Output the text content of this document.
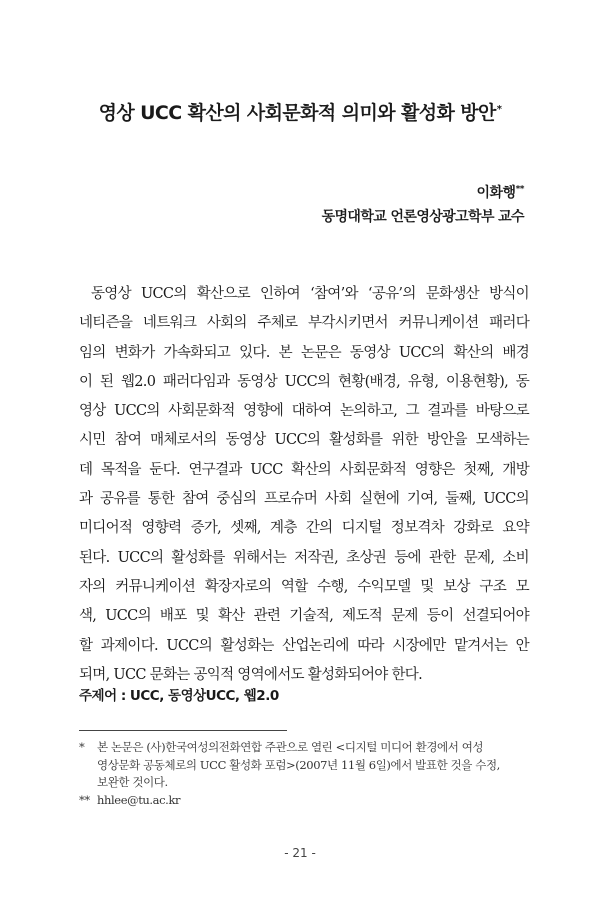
영상 UCC 확산의 사회문화적 의미와 활성화 방안*
이화행**
동명대학교 언론영상광고학부 교수
동영상 UCC의 확산으로 인하여 ‘참여’와 ‘공유’의 문화생산 방식이
네티즌을 네트워크 사회의 주체로 부각시키면서 커뮤니케이션 패러다
임의 변화가 가속화되고 있다. 본 논문은 동영상 UCC의 확산의 배경
이 된 웹2.0 패러다임과 동영상 UCC의 현황(배경, 유형, 이용현황), 동
영상 UCC의 사회문화적 영향에 대하여 논의하고, 그 결과를 바탕으로
시민 참여 매체로서의 동영상 UCC의 활성화를 위한 방안을 모색하는
데 목적을 둔다. 연구결과 UCC 확산의 사회문화적 영향은 첫째, 개방
과 공유를 통한 참여 중심의 프로슈머 사회 실현에 기여, 둘째, UCC의
미디어적 영향력 증가, 셋째, 계층 간의 디지털 정보격차 강화로 요약
된다. UCC의 활성화를 위해서는 저작권, 초상권 등에 관한 문제, 소비
자의 커뮤니케이션 확장자로의 역할 수행, 수익모델 및 보상 구조 모
색, UCC의 배포 및 확산 관련 기술적, 제도적 문제 등이 선결되어야
할 과제이다. UCC의 활성화는 산업논리에 따라 시장에만 맡겨서는 안
되며, UCC 문화는 공익적 영역에서도 활성화되어야 한다.
주제어 : UCC, 동영상UCC, 웹2.0
* 본 논문은 (사)한국여성의전화연합 주관으로 열린 <디지털 미디어 환경에서 여성
영상문화 공동체로의 UCC 활성화 포럼>(2007년 11월 6일)에서 발표한 것을 수정,
보완한 것이다.
** hhlee@tu.ac.kr
- 21 -
